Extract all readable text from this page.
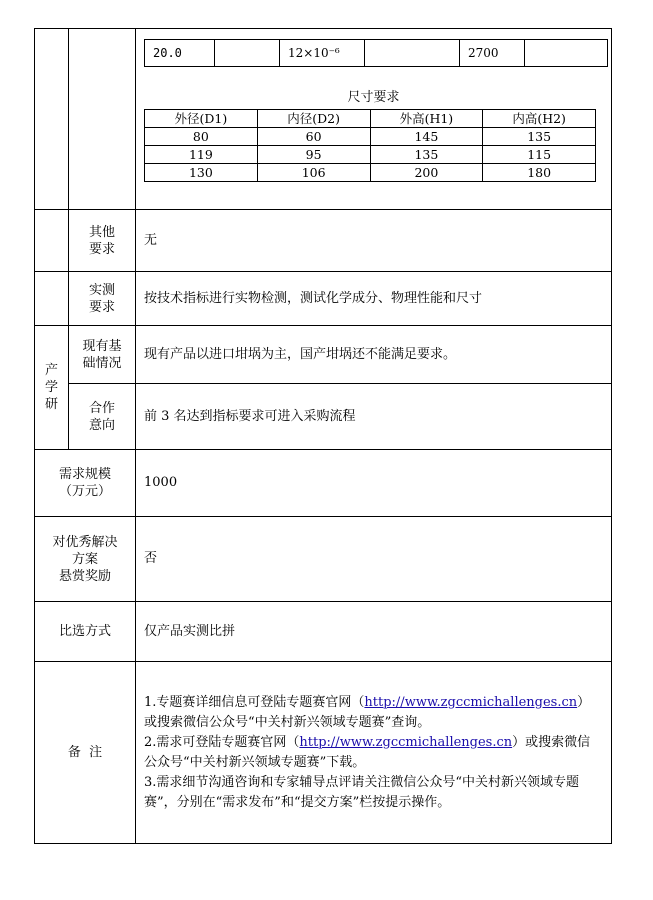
20.0		12×10⁻⁶		2700	
尺寸要求
外径(D1)	内径(D2)	外高(H1)	内高(H2)
80	60	145	135
119	95	135	115
130	106	200	180

其他
要求
	无

实测
要求
	按技术指标进行实物检测，测试化学成分、物理性能和尺寸

产
学
研

现有基
础情况
	现有产品以进口坩埚为主，国产坩埚还不能满足要求。

合作
意向
	前 3 名达到指标要求可进入采购流程

需求规模
（万元）
	1000

对优秀解决
方案
悬赏奖励
	否
比选方式	仅产品实测比拼
备  注	

1.专题赛详细信息可登陆专题赛官网（http://www.zgccmichallenges.cn）或搜索微信公众号“中关村新兴领域专题赛”查询。

2.需求可登陆专题赛官网（http://www.zgccmichallenges.cn）或搜索微信公众号“中关村新兴领域专题赛”下载。

3.需求细节沟通咨询和专家辅导点评请关注微信公众号“中关村新兴领域专题赛”，分别在“需求发布”和“提交方案”栏按提示操作。
